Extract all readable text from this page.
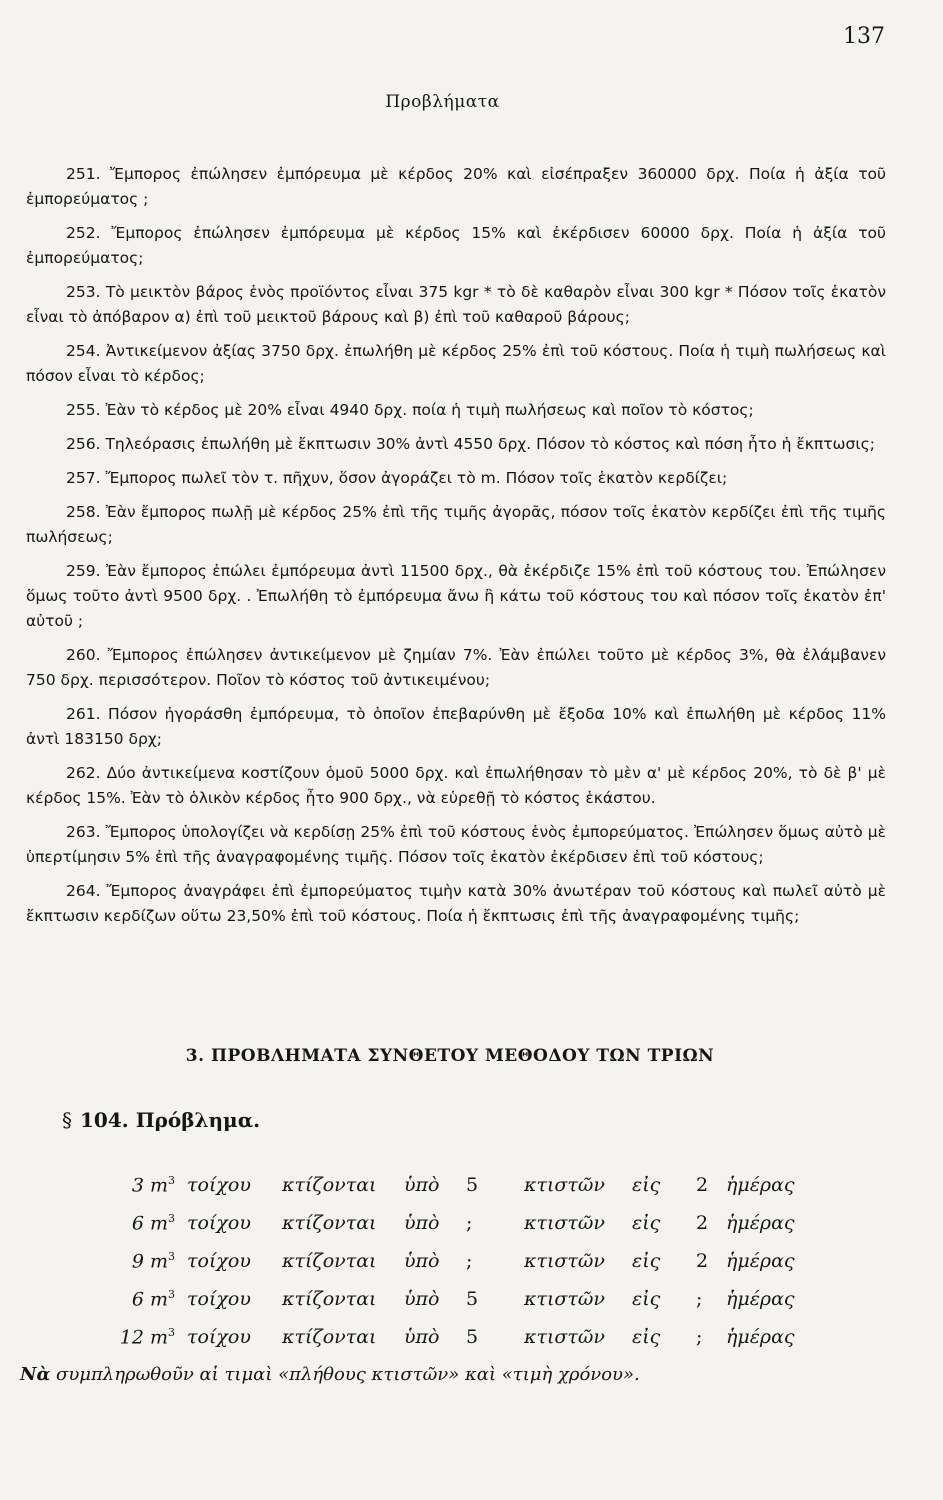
137
Προβλήματα

251. Ἔμπορος ἐπώλησεν ἐμπόρευμα μὲ κέρδος 20% καὶ εἰσέπραξεν 360000 δρχ. Ποία ἡ ἀξία τοῦ ἐμπορεύματος ;

252. Ἔμπορος ἐπώλησεν ἐμπόρευμα μὲ κέρδος 15% καὶ ἐκέρδισεν 60000 δρχ. Ποία ἡ ἀξία τοῦ ἐμπορεύματος;

253. Τὸ μεικτὸν βάρος ἑνὸς προϊόντος εἶναι 375 kgr * τὸ δὲ καθαρὸν εἶναι 300 kgr * Πόσον τοῖς ἑκατὸν εἶναι τὸ ἀπόβαρον α) ἐπὶ τοῦ μεικτοῦ βάρους καὶ β) ἐπὶ τοῦ καθαροῦ βάρους;

254. Ἀντικείμενον ἀξίας 3750 δρχ. ἐπωλήθη μὲ κέρδος 25% ἐπὶ τοῦ κόστους. Ποία ἡ τιμὴ πωλήσεως καὶ πόσον εἶναι τὸ κέρδος;

255. Ἐὰν τὸ κέρδος μὲ 20% εἶναι 4940 δρχ. ποία ἡ τιμὴ πωλήσεως καὶ ποῖον τὸ κόστος;

256. Τηλεόρασις ἐπωλήθη μὲ ἔκπτωσιν 30% ἀντὶ 4550 δρχ. Πόσον τὸ κόστος καὶ πόση ἦτο ἡ ἔκπτωσις;

257. Ἔμπορος πωλεῖ τὸν τ. πῆχυν, ὅσον ἀγοράζει τὸ m. Πόσον τοῖς ἑκατὸν κερδίζει;

258. Ἐὰν ἔμπορος πωλῇ μὲ κέρδος 25% ἐπὶ τῆς τιμῆς ἀγορᾶς, πόσον τοῖς ἑκατὸν κερδίζει ἐπὶ τῆς τιμῆς πωλήσεως;

259. Ἐὰν ἔμπορος ἐπώλει ἐμπόρευμα ἀντὶ 11500 δρχ., θὰ ἐκέρδιζε 15% ἐπὶ τοῦ κόστους του. Ἐπώλησεν ὅμως τοῦτο ἀντὶ 9500 δρχ. . Ἐπωλήθη τὸ ἐμπόρευμα ἄνω ἢ κάτω τοῦ κόστους του καὶ πόσον τοῖς ἑκατὸν ἐπ' αὐτοῦ ;

260. Ἔμπορος ἐπώλησεν ἀντικείμενον μὲ ζημίαν 7%. Ἐὰν ἐπώλει τοῦτο μὲ κέρδος 3%, θὰ ἐλάμβανεν 750 δρχ. περισσότερον. Ποῖον τὸ κόστος τοῦ ἀντικειμένου;

261. Πόσον ἠγοράσθη ἐμπόρευμα, τὸ ὁποῖον ἐπεβαρύνθη μὲ ἔξοδα 10% καὶ ἐπωλήθη μὲ κέρδος 11% ἀντὶ 183150 δρχ;

262. Δύο ἀντικείμενα κοστίζουν ὁμοῦ 5000 δρχ. καὶ ἐπωλήθησαν τὸ μὲν α' μὲ κέρδος 20%, τὸ δὲ β' μὲ κέρδος 15%. Ἐὰν τὸ ὁλικὸν κέρδος ἦτο 900 δρχ., νὰ εὑρεθῇ τὸ κόστος ἑκάστου.

263. Ἔμπορος ὑπολογίζει νὰ κερδίσῃ 25% ἐπὶ τοῦ κόστους ἑνὸς ἐμπορεύματος. Ἐπώλησεν ὅμως αὐτὸ μὲ ὑπερτίμησιν 5% ἐπὶ τῆς ἀναγραφομένης τιμῆς. Πόσον τοῖς ἑκατὸν ἐκέρδισεν ἐπὶ τοῦ κόστους;

264. Ἔμπορος ἀναγράφει ἐπὶ ἐμπορεύματος τιμὴν κατὰ 30% ἀνωτέραν τοῦ κόστους καὶ πωλεῖ αὐτὸ μὲ ἔκπτωσιν κερδίζων οὕτω 23,50% ἐπὶ τοῦ κόστους. Ποία ἡ ἔκπτωσις ἐπὶ τῆς ἀναγραφομένης τιμῆς;

3. ΠΡΟΒΛΗΜΑΤΑ ΣΥΝΘΕΤΟΥ ΜΕΘΟΔΟΥ ΤΩΝ ΤΡΙΩΝ
§ 104. Πρόβλημα.
3 $m^3$	τοίχου	κτίζονται	ὑπὸ	5	κτιστῶν	εἰς	2	ἡμέρας
6 $m^3$	τοίχου	κτίζονται	ὑπὸ	;	κτιστῶν	εἰς	2	ἡμέρας
9 $m^3$	τοίχου	κτίζονται	ὑπὸ	;	κτιστῶν	εἰς	2	ἡμέρας
6 $m^3$	τοίχου	κτίζονται	ὑπὸ	5	κτιστῶν	εἰς	;	ἡμέρας
12 $m^3$	τοίχου	κτίζονται	ὑπὸ	5	κτιστῶν	εἰς	;	ἡμέρας
Νὰ συμπληρωθοῦν αἱ τιμαὶ «πλήθους κτιστῶν» καὶ «τιμὴ χρόνου».
